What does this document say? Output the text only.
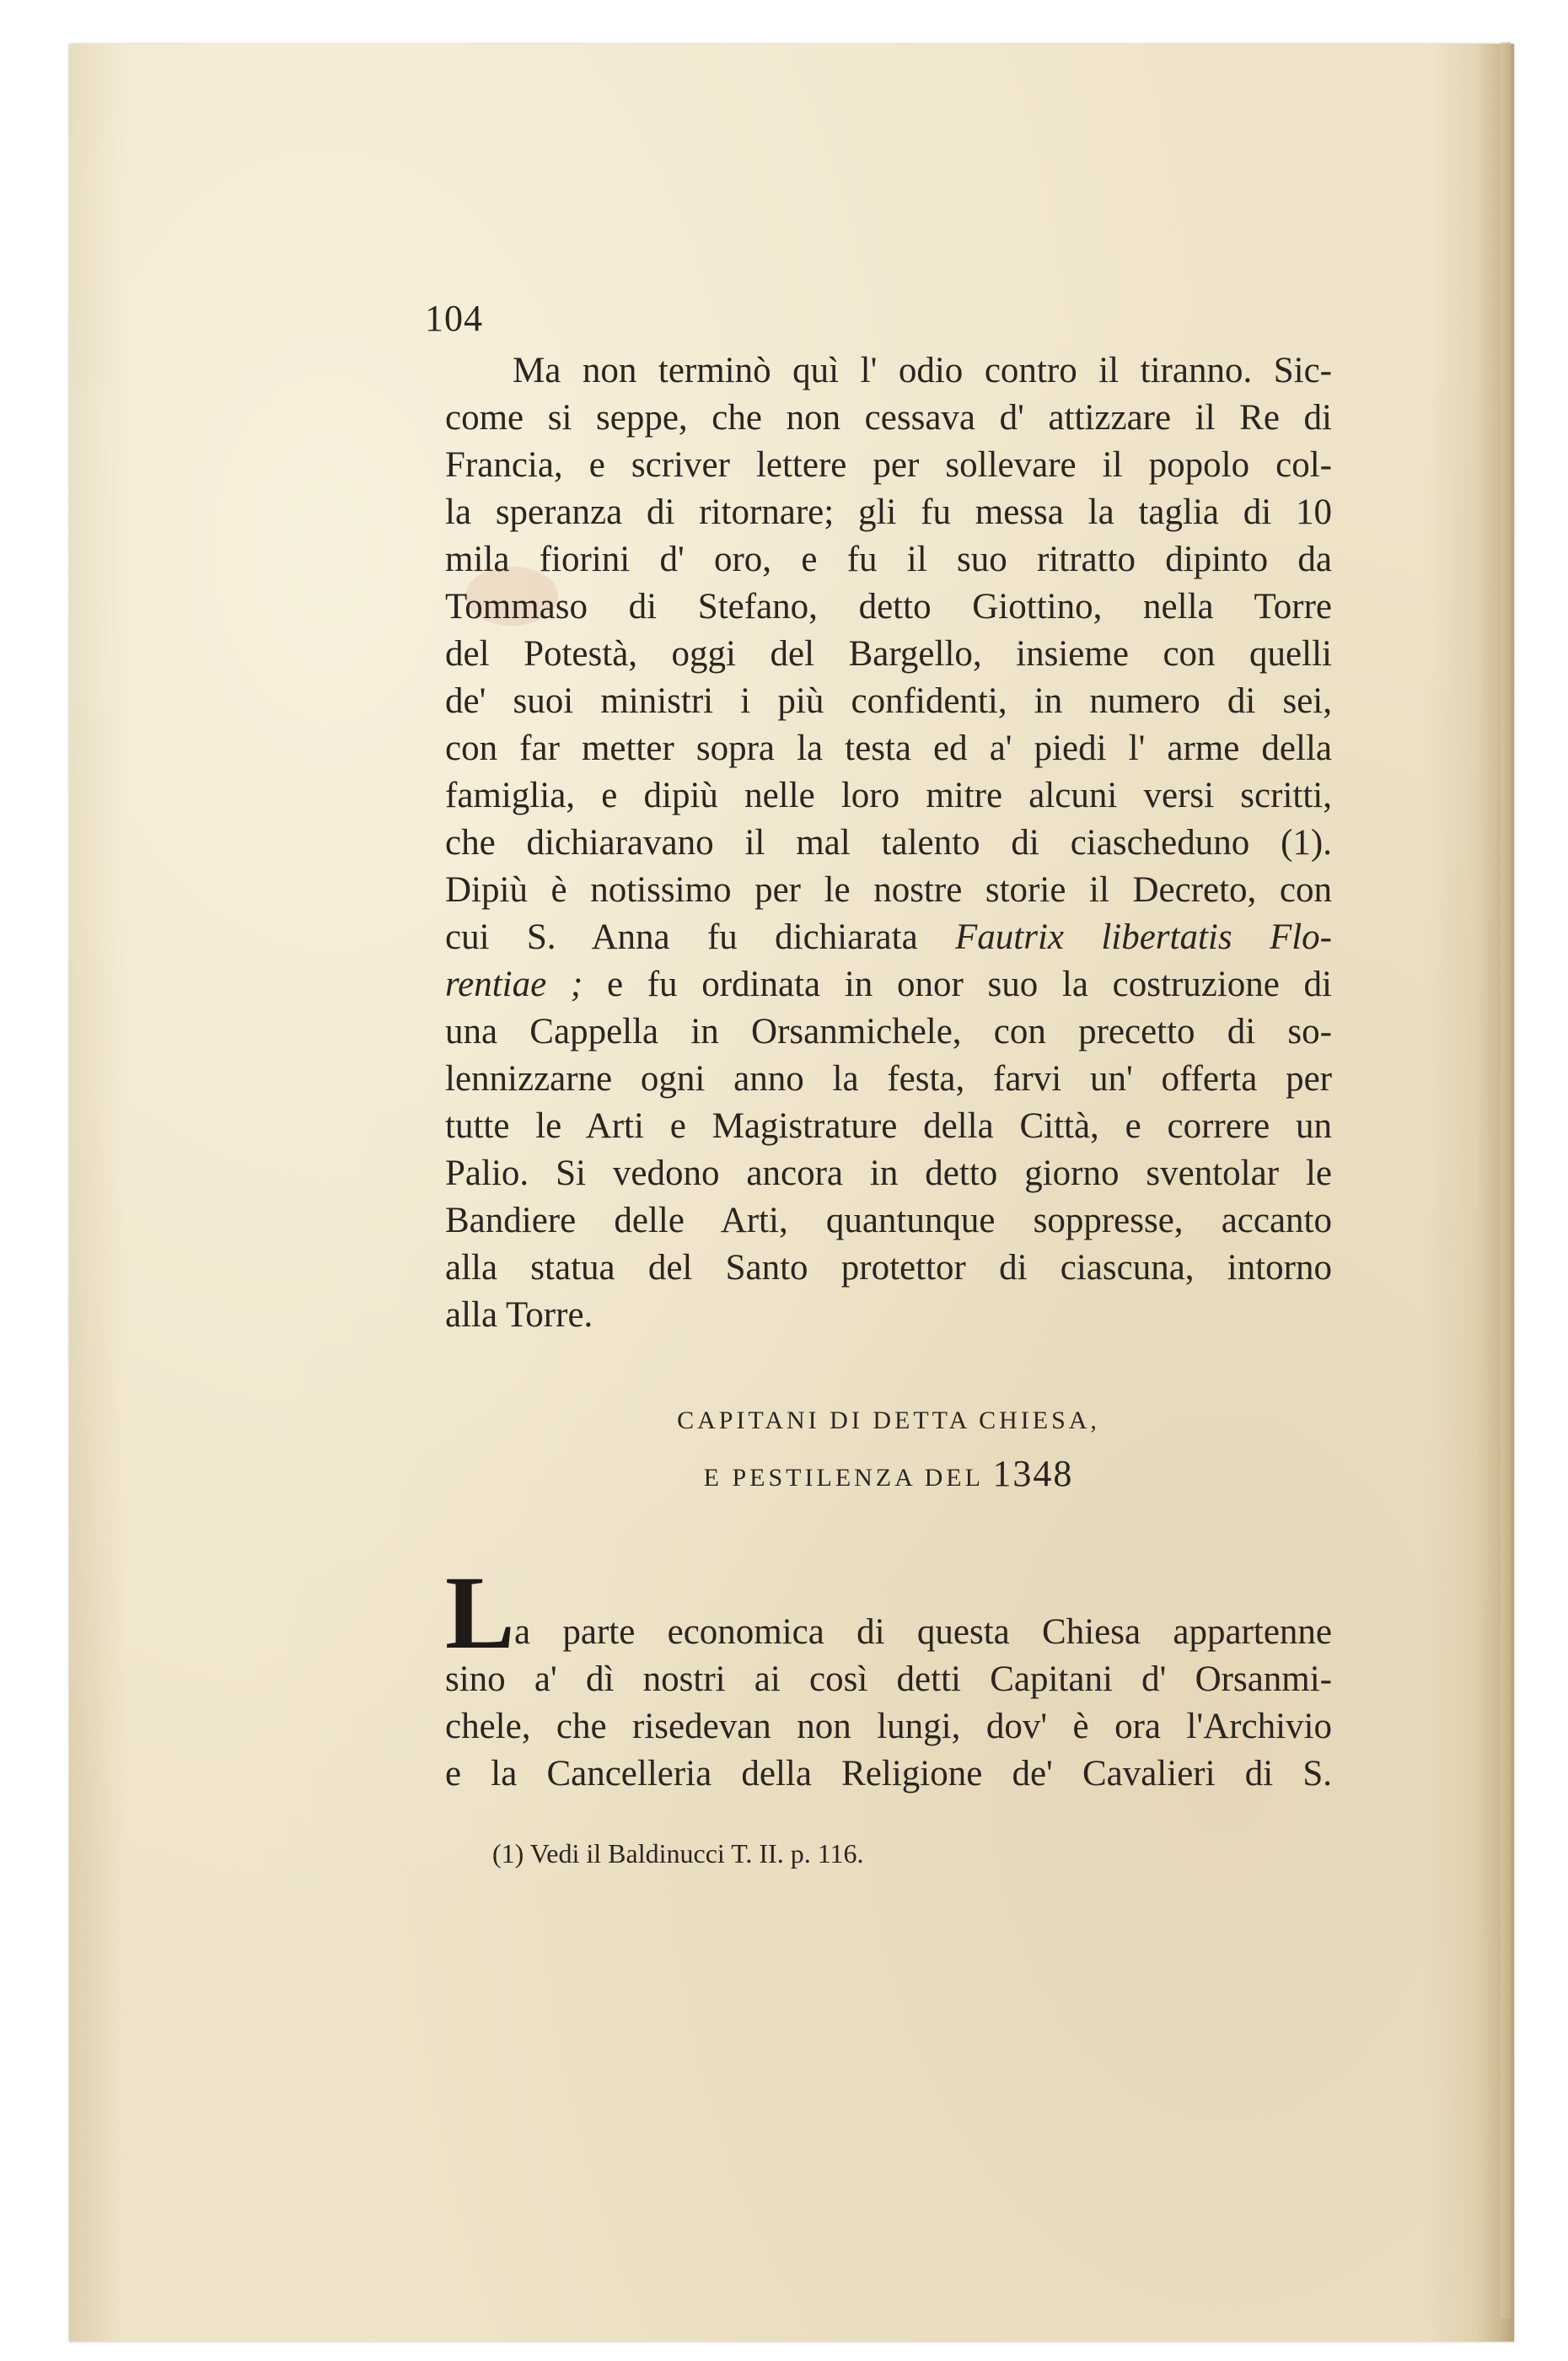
104
Ma non terminò quì l' odio contro il tiranno. Sic-
come si seppe, che non cessava d' attizzare il Re di
Francia, e scriver lettere per sollevare il popolo col-
la speranza di ritornare; gli fu messa la taglia di 10
mila fiorini d' oro, e fu il suo ritratto dipinto da
Tommaso di Stefano, detto Giottino, nella Torre
del Potestà, oggi del Bargello, insieme con quelli
de' suoi ministri i più confidenti, in numero di sei,
con far metter sopra la testa ed a' piedi l' arme della
famiglia, e dipiù nelle loro mitre alcuni versi scritti,
che dichiaravano il mal talento di ciascheduno (1).
Dipiù è notissimo per le nostre storie il Decreto, con
cui S. Anna fu dichiarata Fautrix libertatis Flo-
rentiae ; e fu ordinata in onor suo la costruzione di
una Cappella in Orsanmichele, con precetto di so-
lennizzarne ogni anno la festa, farvi un' offerta per
tutte le Arti e Magistrature della Città, e correre un
Palio. Si vedono ancora in detto giorno sventolar le
Bandiere delle Arti, quantunque soppresse, accanto
alla statua del Santo protettor di ciascuna, intorno
alla Torre.
CAPITANI DI DETTA CHIESA,
E PESTILENZA DEL 1348
L a parte economica di questa Chiesa appartenne
sino a' dì nostri ai così detti Capitani d' Orsanmi-
chele, che risedevan non lungi, dov' è ora l'Archivio
e la Cancelleria della Religione de' Cavalieri di S.
(1) Vedi il Baldinucci T. II. p. 116.
